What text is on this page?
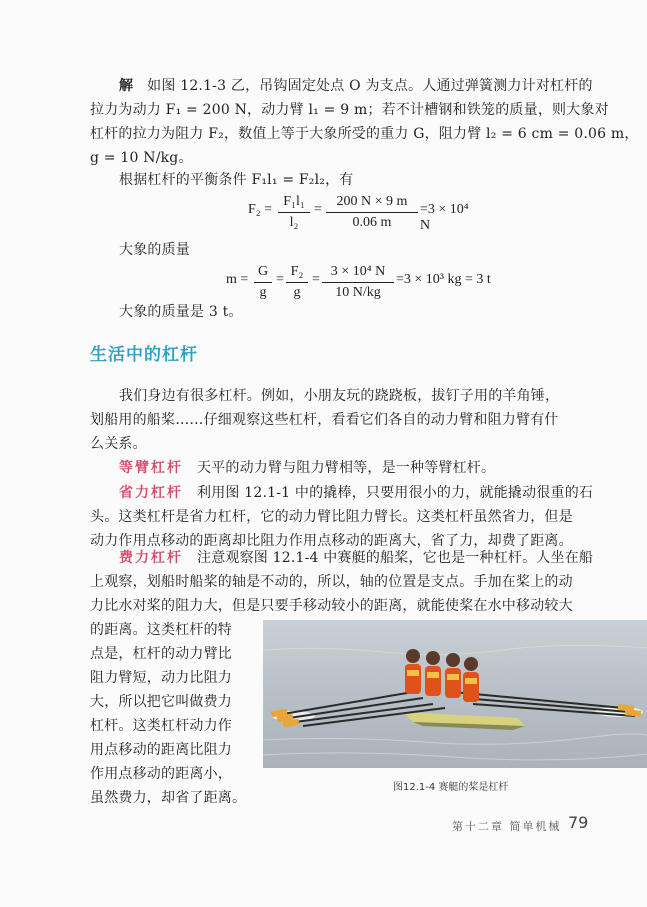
解 如图 12.1-3 乙，吊钩固定处点 O 为支点。人通过弹簧测力计对杠杆的
拉力为动力 F₁ = 200 N，动力臂 l₁ = 9 m；若不计槽钢和铁笼的质量，则大象对
杠杆的拉力为阻力 F₂，数值上等于大象所受的重力 G，阻力臂 l₂ = 6 cm = 0.06 m，
g = 10 N/kg。
根据杠杆的平衡条件 F₁l₁ = F₂l₂，有
$F_2 = \frac{\text{F₁l₁}}{\text{l₂}} = \frac{200 N \times 9 m}{0.06 m} =3 \times 10^4$ N
大象的质量
$m = \frac{G}{g} = \frac{\text{F₂}}{g} = \frac{\text{3 × 10⁴ N}}{10 N/kg} =3 \times 10^3$ kg = 3 t
大象的质量是 3 t。
生活中的杠杆
我们身边有很多杠杆。例如，小朋友玩的跷跷板，拔钉子用的羊角锤，
划船用的船桨……仔细观察这些杠杆，看看它们各自的动力臂和阻力臂有什
么关系。
等臂杠杆 天平的动力臂与阻力臂相等，是一种等臂杠杆。
省力杠杆 利用图 12.1-1 中的撬棒，只要用很小的力，就能撬动很重的石
头。这类杠杆是省力杠杆，它的动力臂比阻力臂长。这类杠杆虽然省力，但是
动力作用点移动的距离却比阻力作用点移动的距离大，省了力，却费了距离。
费力杠杆 注意观察图 12.1-4 中赛艇的船桨，它也是一种杠杆。人坐在船
上观察，划船时船桨的轴是不动的，所以，轴的位置是支点。手加在桨上的动
力比水对桨的阻力大，但是只要手移动较小的距离，就能使桨在水中移动较大
的距离。这类杠杆的特
点是，杠杆的动力臂比
阻力臂短，动力比阻力
大，所以把它叫做费力
杠杆。这类杠杆动力作
用点移动的距离比阻力
作用点移动的距离小，
虽然费力，却省了距离。
图12.1-4 赛艇的桨是杠杆
第十二章 简单机械 79
